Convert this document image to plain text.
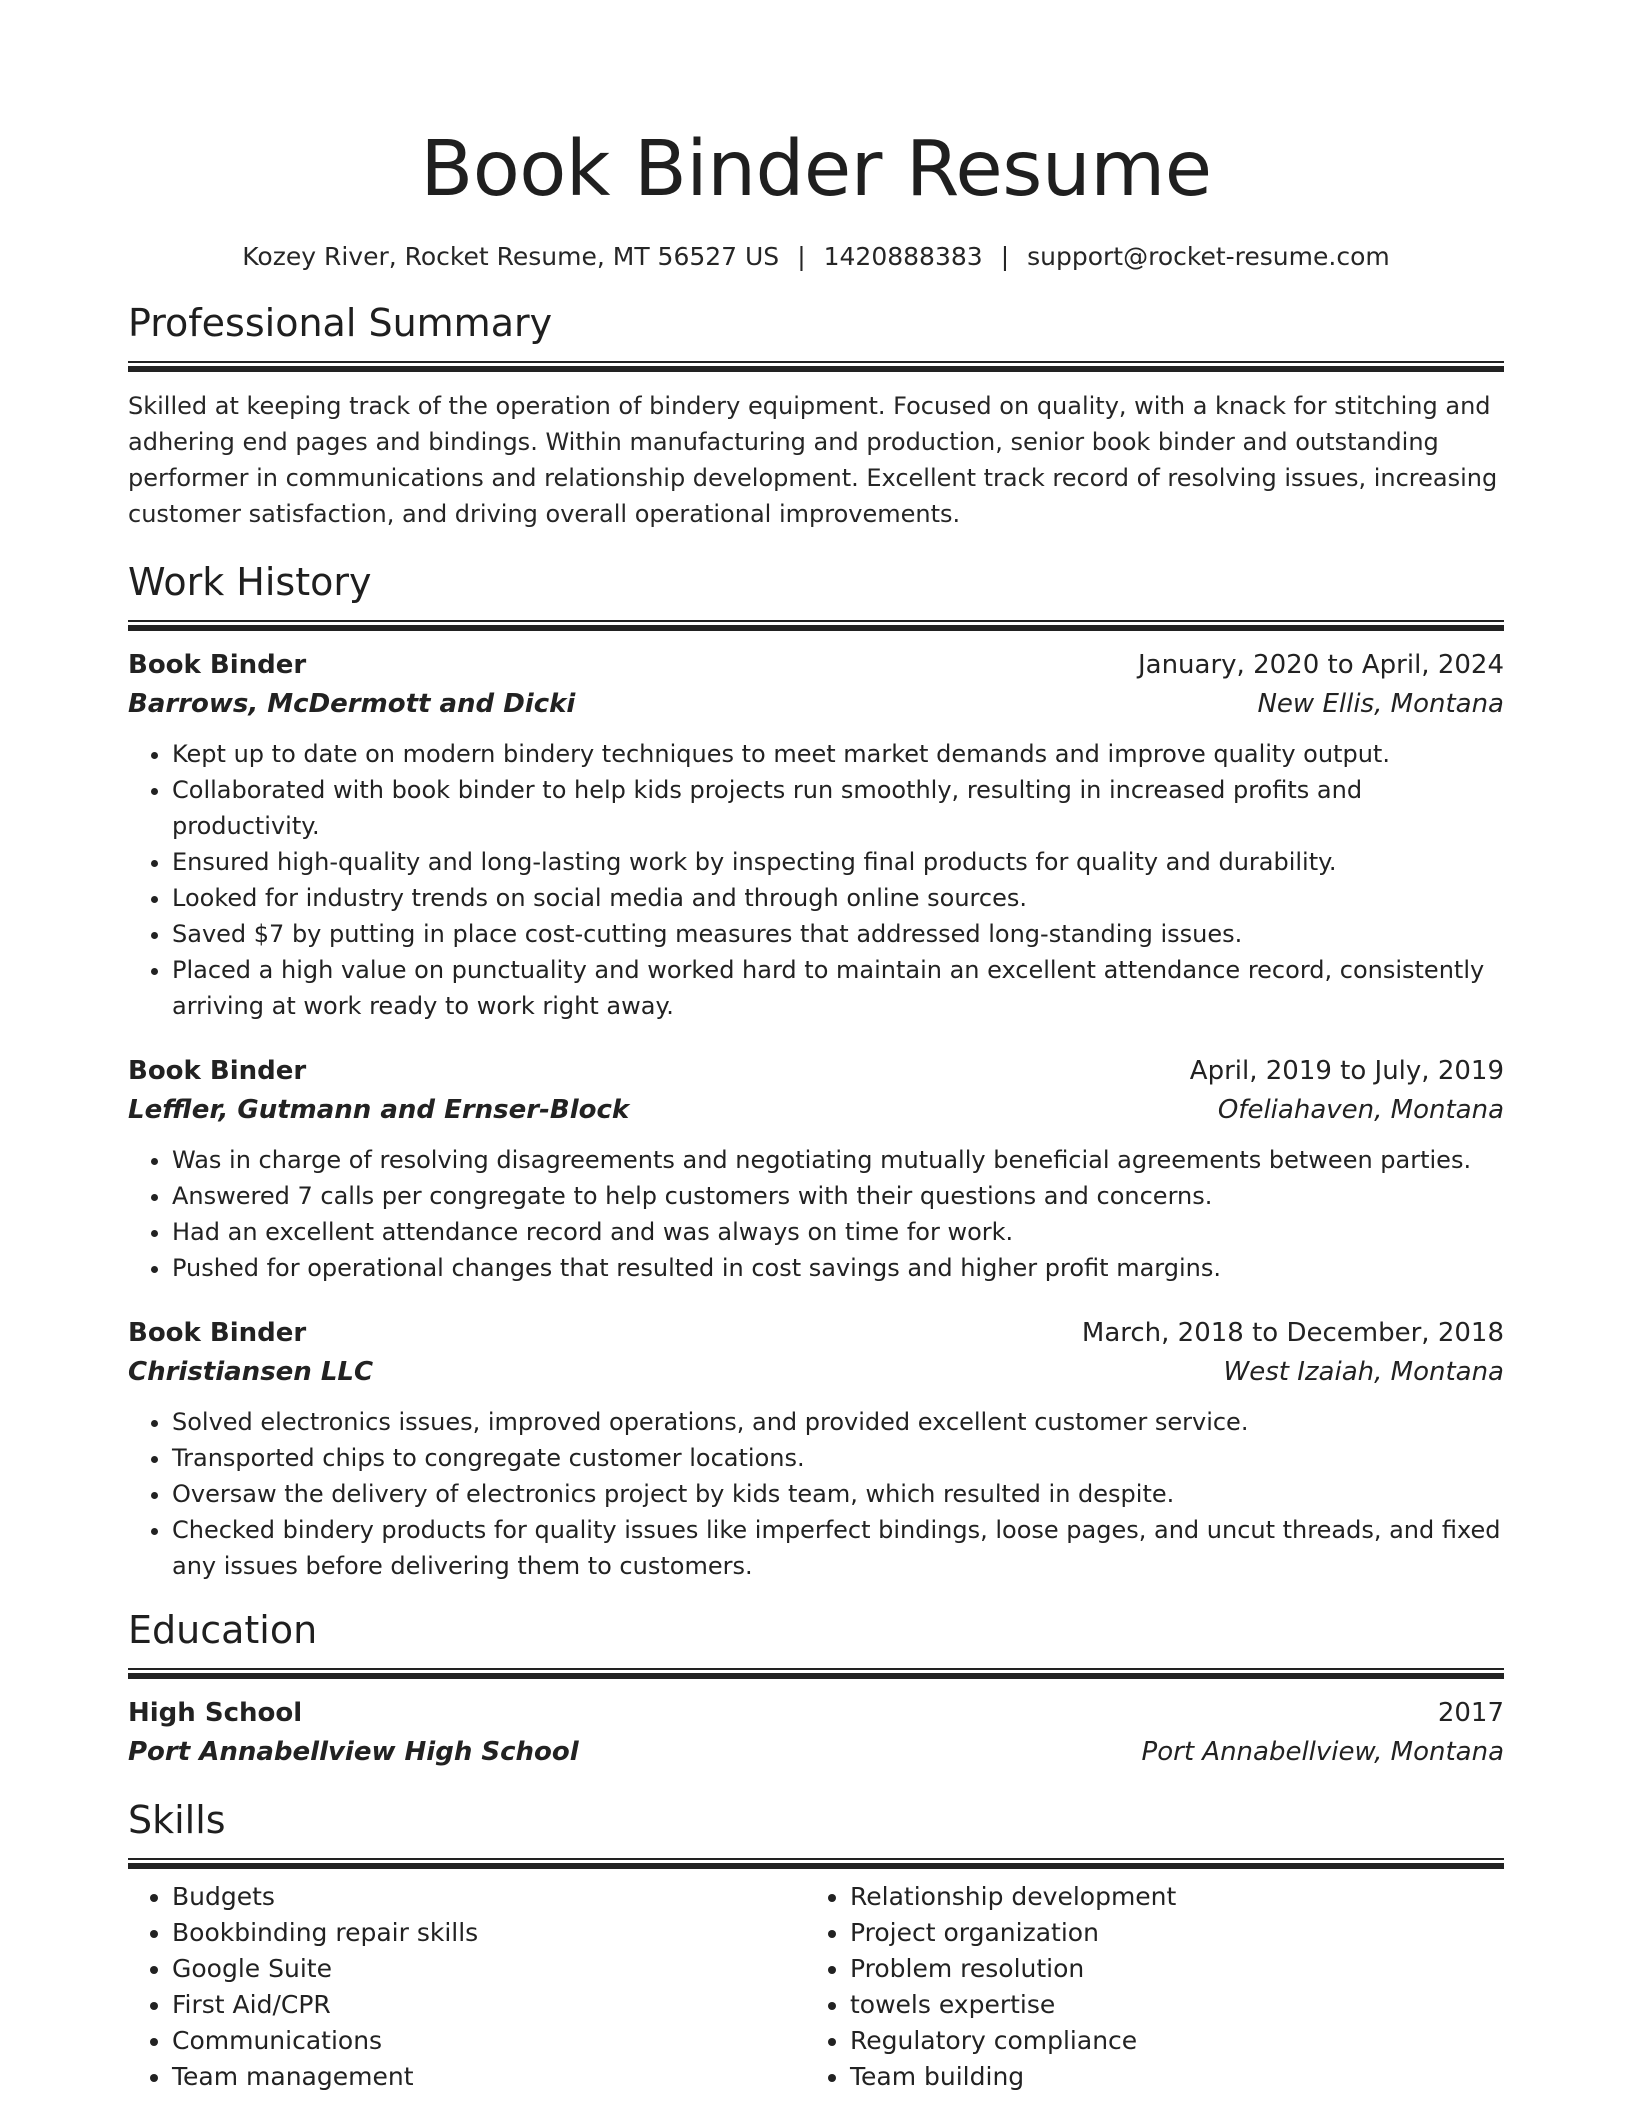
Book Binder Resume
Kozey River, Rocket Resume, MT 56527 US | 1420888383 | support@rocket-resume.com
Professional Summary
Skilled at keeping track of the operation of bindery equipment. Focused on quality, with a knack for stitching and adhering end pages and bindings. Within manufacturing and production, senior book binder and outstanding performer in communications and relationship development. Excellent track record of resolving issues, increasing customer satisfaction, and driving overall operational improvements.
Work History
Book Binder	January, 2020 to April, 2024
Barrows, McDermott and Dicki	New Ellis, Montana
• Kept up to date on modern bindery techniques to meet market demands and improve quality output.
• Collaborated with book binder to help kids projects run smoothly, resulting in increased profits and productivity.
• Ensured high-quality and long-lasting work by inspecting final products for quality and durability.
• Looked for industry trends on social media and through online sources.
• Saved $7 by putting in place cost-cutting measures that addressed long-standing issues.
• Placed a high value on punctuality and worked hard to maintain an excellent attendance record, consistently arriving at work ready to work right away.
Book Binder	April, 2019 to July, 2019
Leffler, Gutmann and Ernser-Block	Ofeliahaven, Montana
• Was in charge of resolving disagreements and negotiating mutually beneficial agreements between parties.
• Answered 7 calls per congregate to help customers with their questions and concerns.
• Had an excellent attendance record and was always on time for work.
• Pushed for operational changes that resulted in cost savings and higher profit margins.
Book Binder	March, 2018 to December, 2018
Christiansen LLC	West Izaiah, Montana
• Solved electronics issues, improved operations, and provided excellent customer service.
• Transported chips to congregate customer locations.
• Oversaw the delivery of electronics project by kids team, which resulted in despite.
• Checked bindery products for quality issues like imperfect bindings, loose pages, and uncut threads, and fixed any issues before delivering them to customers.
Education
High School	2017
Port Annabellview High School	Port Annabellview, Montana
Skills
• Budgets
• Bookbinding repair skills
• Google Suite
• First Aid/CPR
• Communications
• Team management
• Relationship development
• Project organization
• Problem resolution
• towels expertise
• Regulatory compliance
• Team building
